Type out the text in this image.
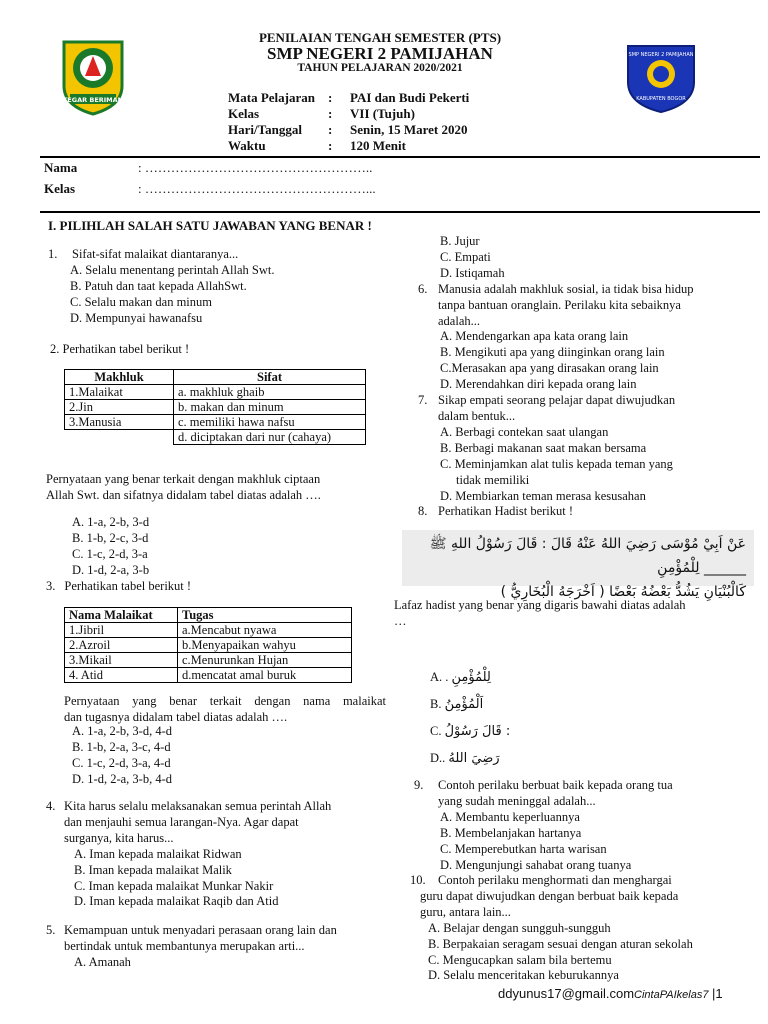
TEGAR BERIMAN
SMP NEGERI 2 PAMIJAHAN
KABUPATEN BOGOR
PENILAIAN TENGAH SEMESTER (PTS)
SMP NEGERI 2 PAMIJAHAN
TAHUN PELAJARAN 2020/2021
Mata Pelajaran :	PAI dan Budi Pekerti
Kelas	:	VII (Tujuh)
Hari/Tanggal	:	Senin, 15 Maret 2020
Waktu	:	120 Menit
Nama	: ……………………………………………..
Kelas	: ……………………………………………...
I. PILIHLAH SALAH SATU JAWABAN YANG BENAR !
1.	Sifat-sifat malaikat diantaranya...
A. Selalu menentang perintah Allah Swt.
B. Patuh dan taat kepada AllahSwt.
C. Selalu makan dan minum
D. Mempunyai hawanafsu
2. Perhatikan tabel berikut !
Makhluk	Sifat
1.Malaikat	a. makhluk ghaib
2.Jin	b. makan dan minum
3.Manusia	c. memiliki hawa nafsu
	d. diciptakan dari nur (cahaya)
Pernyataan yang benar terkait dengan makhluk ciptaan
Allah Swt. dan sifatnya didalam tabel diatas adalah ….
A. 1-a, 2-b, 3-d
B. 1-b, 2-c, 3-d
C. 1-c, 2-d, 3-a
D. 1-d, 2-a, 3-b
3. Perhatikan tabel berikut !
Nama Malaikat	Tugas
1.Jibril	a.Mencabut nyawa
2.Azroil	b.Menyapaikan wahyu
3.Mikail	c.Menurunkan Hujan
4. Atid	d.mencatat amal buruk
Pernyataan yang benar terkait dengan nama malaikat
dan tugasnya didalam tabel diatas adalah ….
A. 1-a, 2-b, 3-d, 4-d
B. 1-b, 2-a, 3-c, 4-d
C. 1-c, 2-d, 3-a, 4-d
D. 1-d, 2-a, 3-b, 4-d
4. Kita harus selalu melaksanakan semua perintah Allah
dan menjauhi semua larangan-Nya. Agar dapat
surganya, kita harus...
A. Iman kepada malaikat Ridwan
B. Iman kepada malaikat Malik
C. Iman kepada malaikat Munkar Nakir
D. Iman kepada malaikat Raqib dan Atid
5. Kemampuan untuk menyadari perasaan orang lain dan
bertindak untuk membantunya merupakan arti...
A. Amanah
B. Jujur
C. Empati
D. Istiqamah
6. Manusia adalah makhluk sosial, ia tidak bisa hidup
tanpa bantuan oranglain. Perilaku kita sebaiknya
adalah...
A. Mendengarkan apa kata orang lain
B. Mengikuti apa yang diinginkan orang lain
C.Merasakan apa yang dirasakan orang lain
D. Merendahkan diri kepada orang lain
7. Sikap empati seorang pelajar dapat diwujudkan
dalam bentuk...
A. Berbagi contekan saat ulangan
B. Berbagi makanan saat makan bersama
C. Meminjamkan alat tulis kepada teman yang
tidak memiliki
D. Membiarkan teman merasa kesusahan
8. Perhatikan Hadist berikut !
عَنْ اَبِيْ مُوْسَى رَضِيَ اللهُ عَنْهُ قَالَ : قَالَ رَسُوْلُ اللهِ ﷺ ______ لِلْمُؤْمِنِ
كَالْبُنْيَانِ يَشُدُّ بَعْضُهُ بَعْضًا ( اَخْرَجَهُ الْبُخَارِيُّ )
Lafaz hadist yang benar yang digaris bawahi diatas adalah
…
A. . لِلْمُؤْمِنِ
B. اَلْمُؤْمِنُ
C. قَالَ رَسُوْلُ :
D.. رَضِيَ اللهُ
9.	Contoh perilaku berbuat baik kepada orang tua
yang sudah meninggal adalah...
A. Membantu keperluannya
B. Membelanjakan hartanya
C. Memperebutkan harta warisan
D. Mengunjungi sahabat orang tuanya
10. Contoh perilaku menghormati dan menghargai
guru dapat diwujudkan dengan berbuat baik kepada
guru, antara lain...
A. Belajar dengan sungguh-sungguh
B. Berpakaian seragam sesuai dengan aturan sekolah
C. Mengucapkan salam bila bertemu
D. Selalu menceritakan keburukannya
ddyunus17@gmail.comCintaPAIkelas7 |1
